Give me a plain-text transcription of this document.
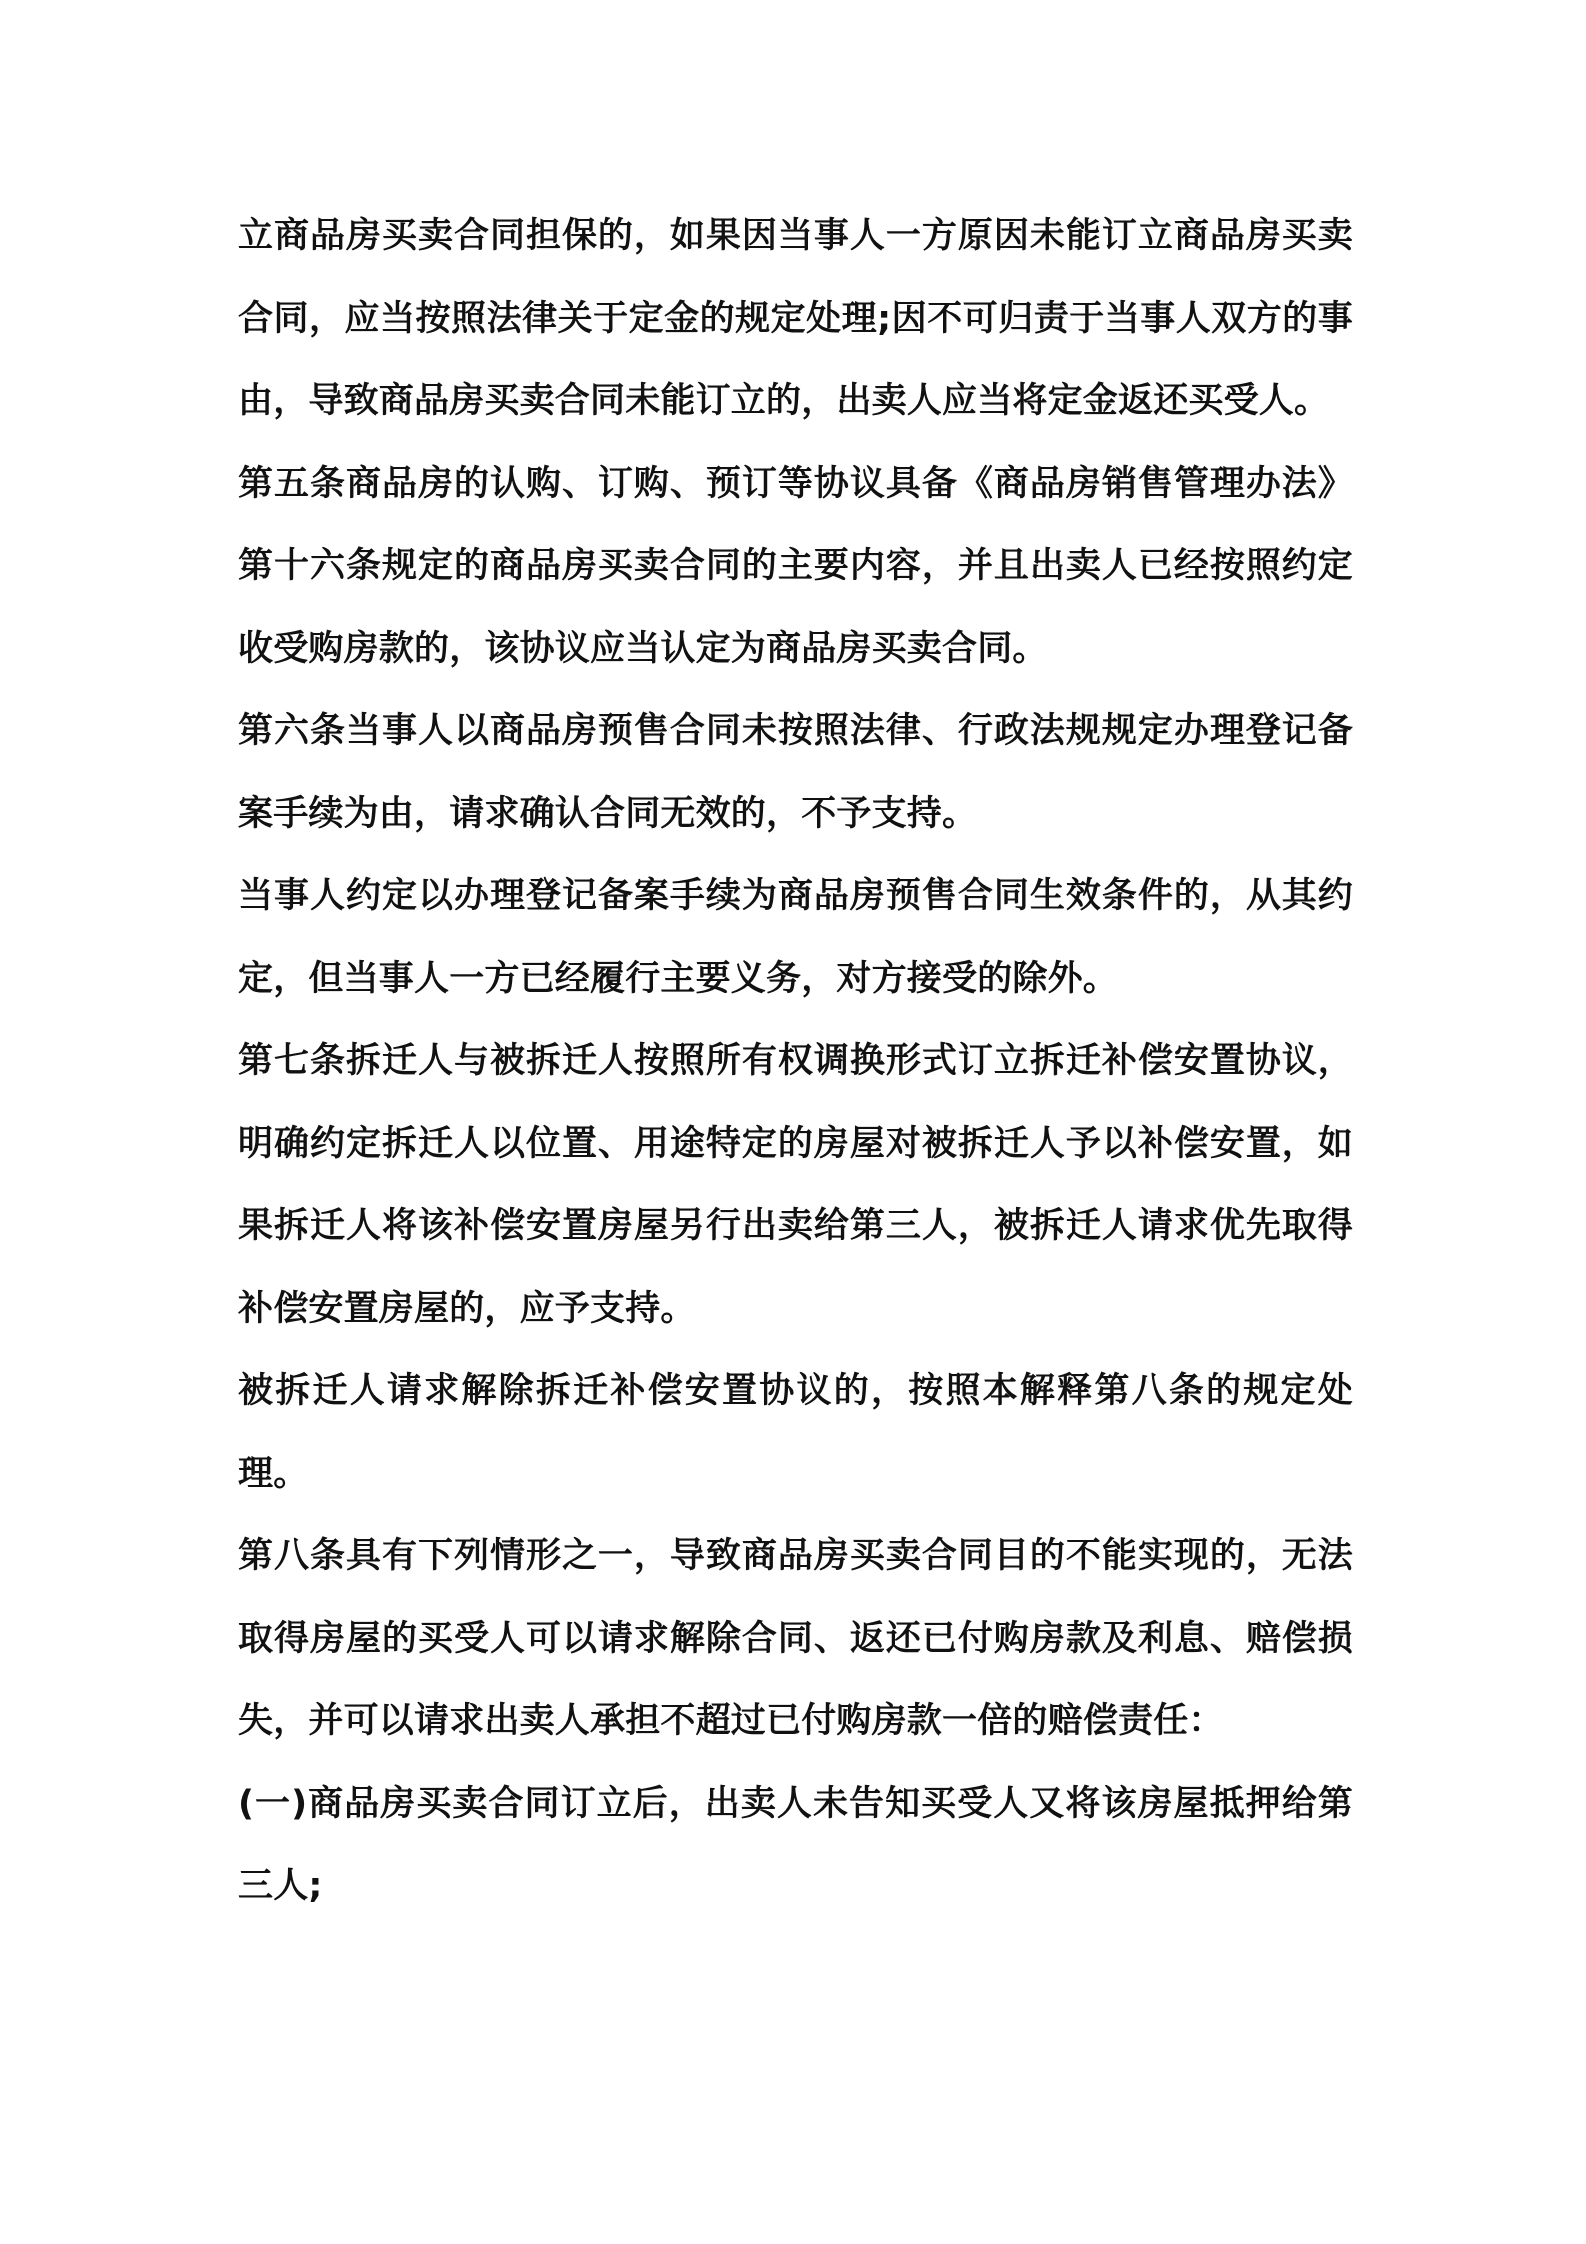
立商品房买卖合同担保的，如果因当事人一方原因未能订立商品房买卖合同，应当按照法律关于定金的规定处理;因不可归责于当事人双方的事由，导致商品房买卖合同未能订立的，出卖人应当将定金返还买受人。

第五条商品房的认购、订购、预订等协议具备《商品房销售管理办法》第十六条规定的商品房买卖合同的主要内容，并且出卖人已经按照约定收受购房款的，该协议应当认定为商品房买卖合同。

第六条当事人以商品房预售合同未按照法律、行政法规规定办理登记备案手续为由，请求确认合同无效的，不予支持。

当事人约定以办理登记备案手续为商品房预售合同生效条件的，从其约定，但当事人一方已经履行主要义务，对方接受的除外。

第七条拆迁人与被拆迁人按照所有权调换形式订立拆迁补偿安置协议，明确约定拆迁人以位置、用途特定的房屋对被拆迁人予以补偿安置，如果拆迁人将该补偿安置房屋另行出卖给第三人，被拆迁人请求优先取得补偿安置房屋的，应予支持。

被拆迁人请求解除拆迁补偿安置协议的，按照本解释第八条的规定处理。

第八条具有下列情形之一，导致商品房买卖合同目的不能实现的，无法取得房屋的买受人可以请求解除合同、返还已付购房款及利息、赔偿损失，并可以请求出卖人承担不超过已付购房款一倍的赔偿责任：

(一)商品房买卖合同订立后，出卖人未告知买受人又将该房屋抵押给第三人;
